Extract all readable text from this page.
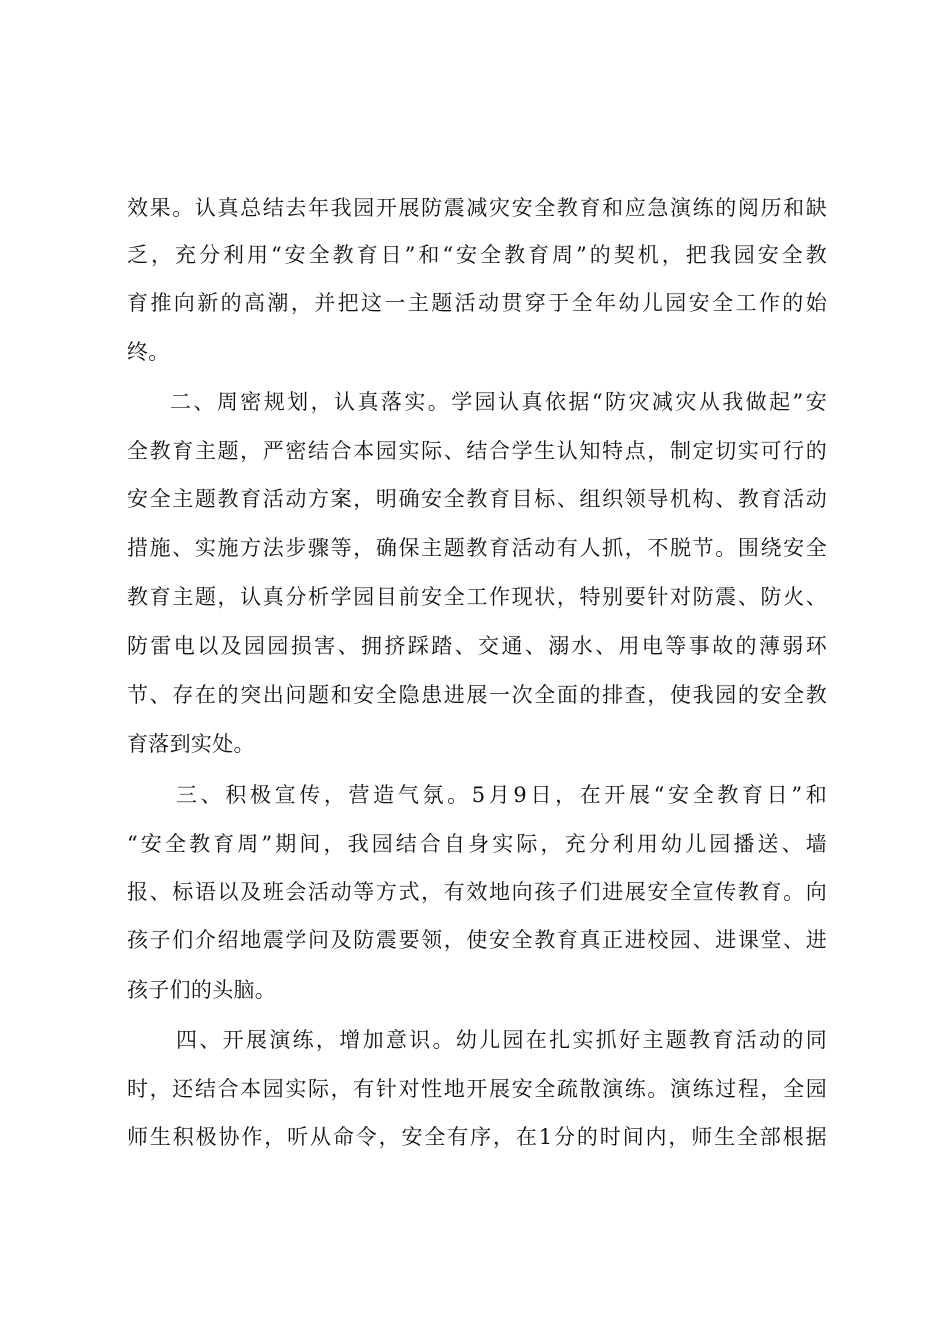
效果。认真总结去年我园开展防震减灾安全教育和应急演练的阅历和缺
乏，充分利用“安全教育日”和“安全教育周”的契机，把我园安全教
育推向新的高潮，并把这一主题活动贯穿于全年幼儿园安全工作的始
终。
二、周密规划，认真落实。学园认真依据“防灾减灾从我做起”安
全教育主题，严密结合本园实际、结合学生认知特点，制定切实可行的
安全主题教育活动方案，明确安全教育目标、组织领导机构、教育活动
措施、实施方法步骤等，确保主题教育活动有人抓，不脱节。围绕安全
教育主题，认真分析学园目前安全工作现状，特别要针对防震、防火、
防雷电以及园园损害、拥挤踩踏、交通、溺水、用电等事故的薄弱环
节、存在的突出问题和安全隐患进展一次全面的排查，使我园的安全教
育落到实处。
三、积极宣传，营造气氛。5月9日，在开展“安全教育日”和
“安全教育周”期间，我园结合自身实际，充分利用幼儿园播送、墙
报、标语以及班会活动等方式，有效地向孩子们进展安全宣传教育。向
孩子们介绍地震学问及防震要领，使安全教育真正进校园、进课堂、进
孩子们的头脑。
四、开展演练，增加意识。幼儿园在扎实抓好主题教育活动的同
时，还结合本园实际，有针对性地开展安全疏散演练。演练过程，全园
师生积极协作，听从命令，安全有序，在1分的时间内，师生全部根据
